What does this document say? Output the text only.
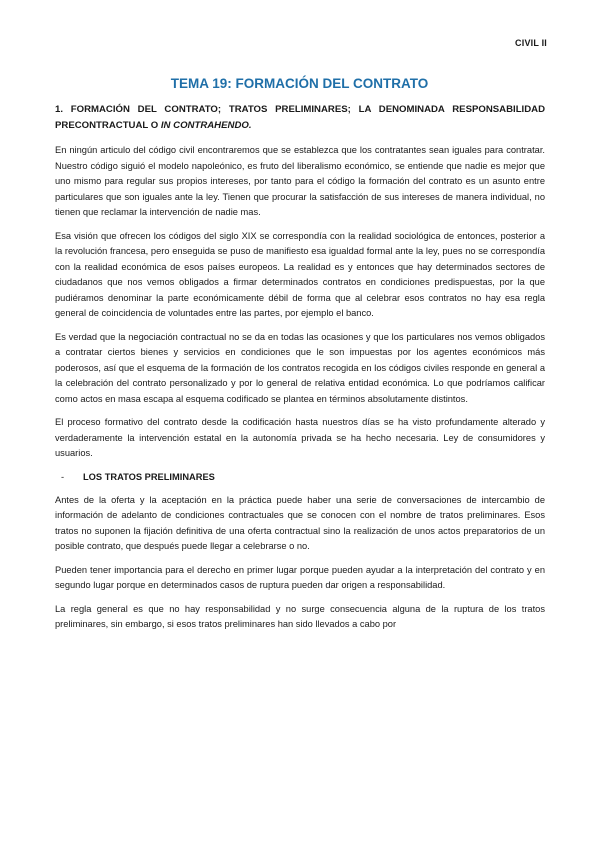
CIVIL II
TEMA 19: FORMACIÓN DEL CONTRATO
1. FORMACIÓN DEL CONTRATO; TRATOS PRELIMINARES; LA DENOMINADA RESPONSABILIDAD PRECONTRACTUAL O IN CONTRAHENDO.

En ningún articulo del código civil encontraremos que se establezca que los contratantes sean iguales para contratar. Nuestro código siguió el modelo napoleónico, es fruto del liberalismo económico, se entiende que nadie es mejor que uno mismo para regular sus propios intereses, por tanto para el código la formación del contrato es un asunto entre particulares que son iguales ante la ley. Tienen que procurar la satisfacción de sus intereses de manera individual, no tienen que reclamar la intervención de nadie mas.

Esa visión que ofrecen los códigos del siglo XIX se correspondía con la realidad sociológica de entonces, posterior a la revolución francesa, pero enseguida se puso de manifiesto esa igualdad formal ante la ley, pues no se correspondía con la realidad económica de esos países europeos. La realidad es y entonces que hay determinados sectores de ciudadanos que nos vemos obligados a firmar determinados contratos en condiciones predispuestas, por la que pudiéramos denominar la parte económicamente débil de forma que al celebrar esos contratos no hay esa regla general de coincidencia de voluntades entre las partes, por ejemplo el banco.

Es verdad que la negociación contractual no se da en todas las ocasiones y que los particulares nos vemos obligados a contratar ciertos bienes y servicios en condiciones que le son impuestas por los agentes económicos más poderosos, así que el esquema de la formación de los contratos recogida en los códigos civiles responde en general a la celebración del contrato personalizado y por lo general de relativa entidad económica. Lo que podríamos calificar como actos en masa escapa al esquema codificado se plantea en términos absolutamente distintos.

El proceso formativo del contrato desde la codificación hasta nuestros días se ha visto profundamente alterado y verdaderamente la intervención estatal en la autonomía privada se ha hecho necesaria. Ley de consumidores y usuarios.

-	LOS TRATOS PRELIMINARES

Antes de la oferta y la aceptación en la práctica puede haber una serie de conversaciones de intercambio de información de adelanto de condiciones contractuales que se conocen con el nombre de tratos preliminares. Esos tratos no suponen la fijación definitiva de una oferta contractual sino la realización de unos actos preparatorios de un posible contrato, que después puede llegar a celebrarse o no.

Pueden tener importancia para el derecho en primer lugar porque pueden ayudar a la interpretación del contrato y en segundo lugar porque en determinados casos de ruptura pueden dar origen a responsabilidad.

La regla general es que no hay responsabilidad y no surge consecuencia alguna de la ruptura de los tratos preliminares, sin embargo, si esos tratos preliminares han sido llevados a cabo por
